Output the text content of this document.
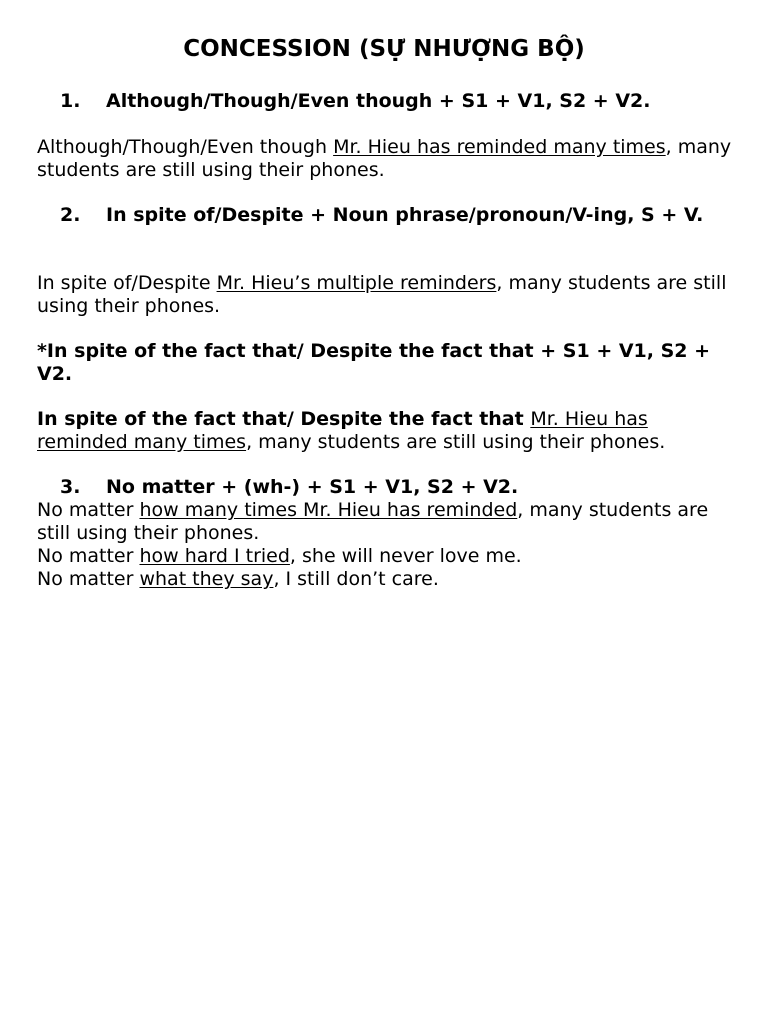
CONCESSION (SỰ NHƯỢNG BỘ)
1.	Although/Though/Even though + S1 + V1, S2 + V2.

Although/Though/Even though Mr. Hieu has reminded many times, many students are still using their phones.

2.	In spite of/Despite + Noun phrase/pronoun/V-ing, S + V.

In spite of/Despite Mr. Hieu’s multiple reminders, many students are still using their phones.

*In spite of the fact that/ Despite the fact that + S1 + V1, S2 + V2.

In spite of the fact that/ Despite the fact that Mr. Hieu has reminded many times, many students are still using their phones.

3.	No matter + (wh-) + S1 + V1, S2 + V2.

No matter how many times Mr. Hieu has reminded, many students are still using their phones.

No matter how hard I tried, she will never love me.

No matter what they say, I still don’t care.
